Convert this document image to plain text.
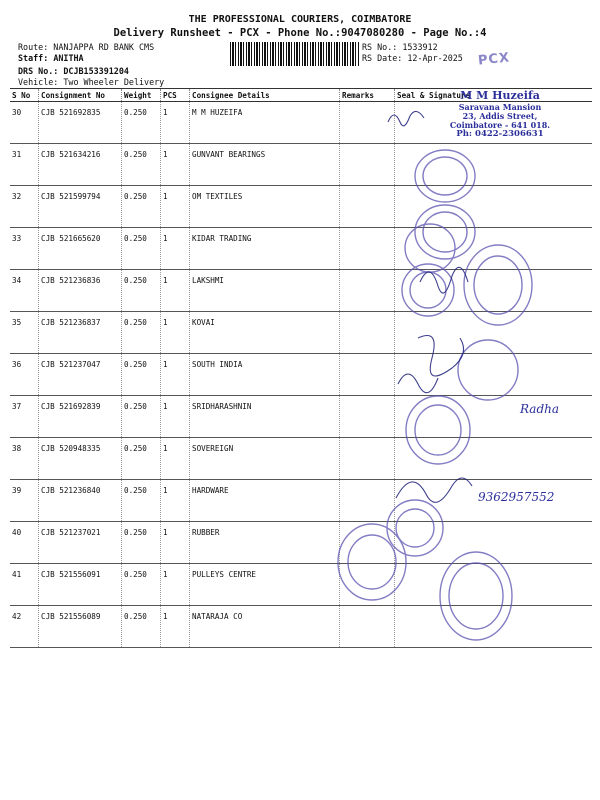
THE PROFESSIONAL COURIERS, COIMBATORE
Delivery Runsheet - PCX - Phone No.:9047080280 - Page No.:4
Route: NANJAPPA RD BANK CMS
Staff: ANITHA
DRS No.: DCJB153391204
Vehicle: Two Wheeler Delivery
RS No.: 1533912
RS Date: 12-Apr-2025 PCX
S No	Consignment No	Weight	PCS	Consignee Details	Remarks	Seal & Signature
30	CJB 521692835	0.250	1	M M HUZEIFA		
31	CJB 521634216	0.250	1	GUNVANT BEARINGS		
32	CJB 521599794	0.250	1	OM TEXTILES		
33	CJB 521665620	0.250	1	KIDAR TRADING		
34	CJB 521236836	0.250	1	LAKSHMI		
35	CJB 521236837	0.250	1	KOVAI		
36	CJB 521237047	0.250	1	SOUTH INDIA		
37	CJB 521692839	0.250	1	SRIDHARASHNIN		
38	CJB 520948335	0.250	1	SOVEREIGN		
39	CJB 521236840	0.250	1	HARDWARE		
40	CJB 521237021	0.250	1	RUBBER		
41	CJB 521556091	0.250	1	PULLEYS CENTRE		
42	CJB 521556089	0.250	1	NATARAJA CO		
M M Huzeifa
Saravana Mansion
23, Addis Street,
Coimbatore - 641 018.
Ph: 0422-2306631
9362957552
Radha
